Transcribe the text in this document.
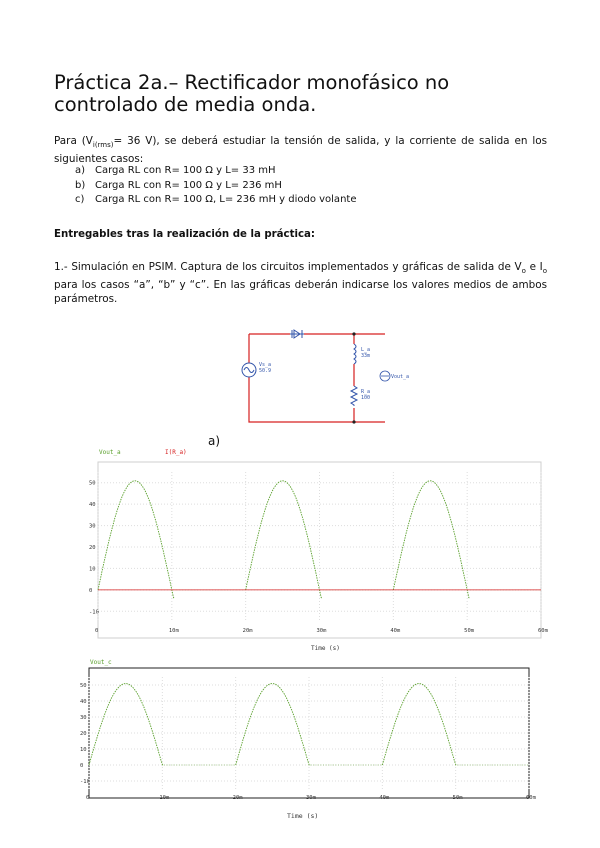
Práctica 2a.– Rectificador monofásico no controlado de media onda.
Para ($V_{i(rms)}= 36$ V), se deberá estudiar la tensión de salida, y la corriente de salida en los siguientes casos:
a) Carga RL con R= 100 Ω y L= 33 mH
b) Carga RL con R= 100 Ω y L= 236 mH
c) Carga RL con R= 100 Ω, L= 236 mH y diodo volante
Entregables tras la realización de la práctica:
1.- Simulación en PSIM. Captura de los circuitos implementados y gráficas de salida de $V_o$ e $I_o$ para los casos “a”, “b” y “c”. En las gráficas deberán indicarse los valores medios de ambos parámetros.
Vs_a
50.9
L_a
33m
R_a
100
Vout_a
a)
Vout_a	I(R_a)
Time (s)
50
40
30
20
10
0
-10
0	10m	20m	30m	40m	50m	60m
Vout_c
Time (s)
50
40
30
20
10
0
-10
0	10m	20m	30m	40m	50m	60m
